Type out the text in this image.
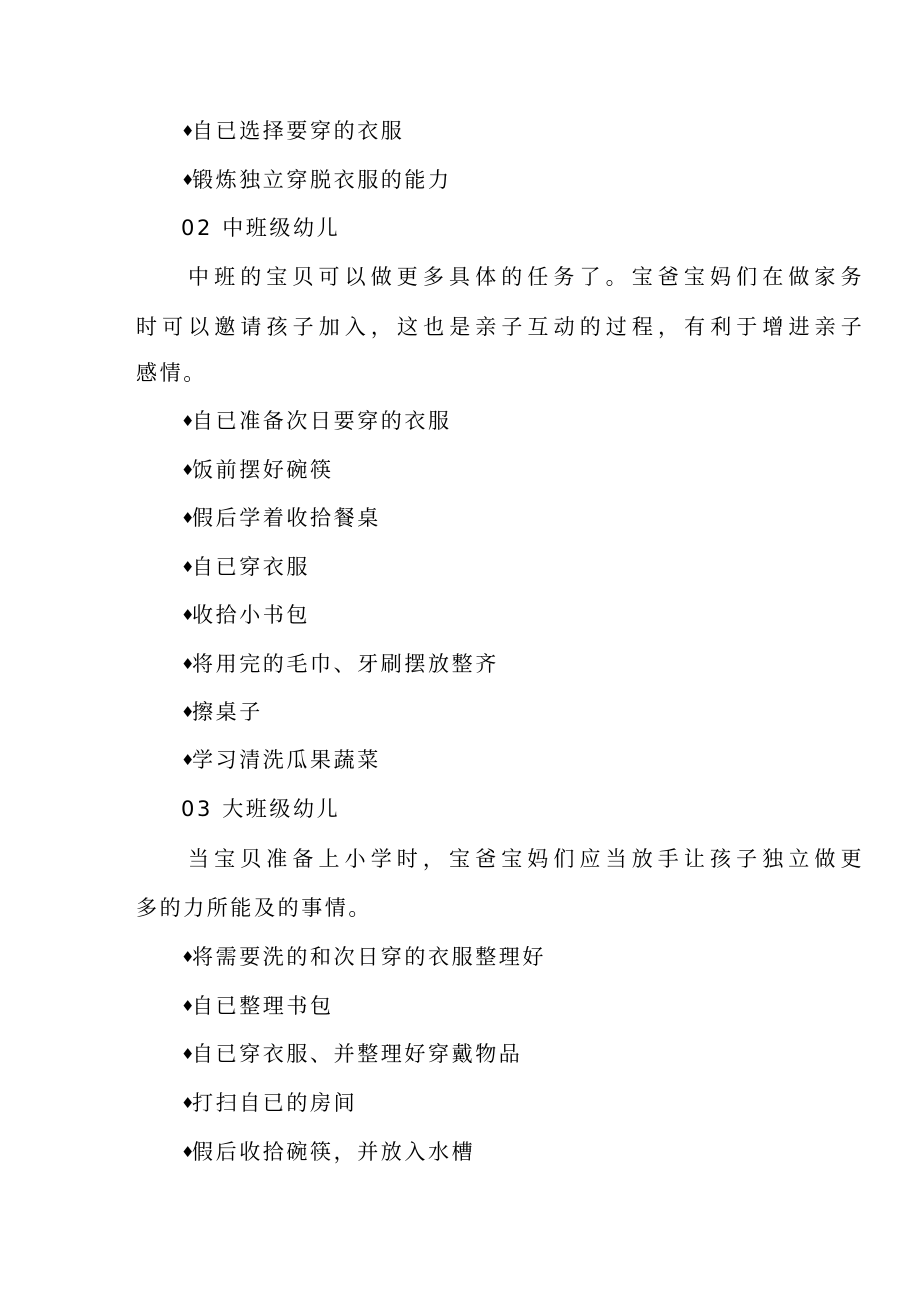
♦自已选择要穿的衣服
♦锻炼独立穿脱衣服的能力
02 中班级幼儿
中班的宝贝可以做更多具体的任务了。宝爸宝妈们在做家务
时可以邀请孩子加入，这也是亲子互动的过程，有利于增进亲子
感情。
♦自已准备次日要穿的衣服
♦饭前摆好碗筷
♦假后学着收拾餐桌
♦自已穿衣服
♦收拾小书包
♦将用完的毛巾、牙刷摆放整齐
♦擦桌子
♦学习清洗瓜果蔬菜
03 大班级幼儿
当宝贝准备上小学时，宝爸宝妈们应当放手让孩子独立做更
多的力所能及的事情。
♦将需要洗的和次日穿的衣服整理好
♦自已整理书包
♦自已穿衣服、并整理好穿戴物品
♦打扫自已的房间
♦假后收拾碗筷，并放入水槽
